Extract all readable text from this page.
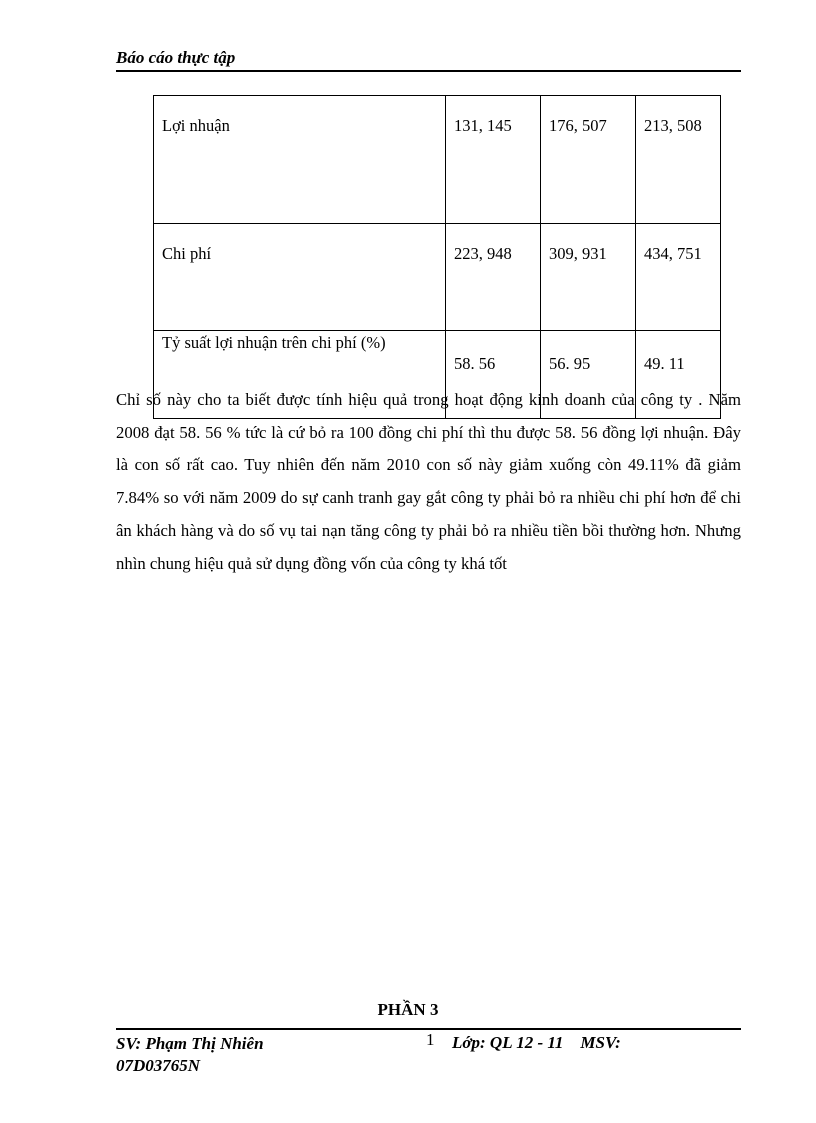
Báo cáo thực tập
Lợi nhuận	131, 145	176, 507	213, 508
Chi phí	223, 948	309, 931	434, 751
Tỷ suất lợi nhuận trên chi phí (%)	58. 56	56. 95	49. 11

Chỉ số này cho ta biết được tính hiệu quả trong hoạt động kinh doanh của công ty . Năm 2008 đạt 58. 56 % tức là cứ bỏ ra 100 đồng chi phí thì thu được 58. 56 đồng lợi nhuận. Đây là con số rất cao. Tuy nhiên đến năm 2010 con số này giảm xuống còn 49.11% đã giảm 7.84% so với năm 2009 do sự canh tranh gay gắt công ty phải bỏ ra nhiều chi phí hơn để chi ân khách hàng và do số vụ tai nạn tăng công ty phải bỏ ra nhiều tiền bồi thường hơn. Nhưng nhìn chung hiệu quả sử dụng đồng vốn của công ty khá tốt

PHẦN 3
SV: Phạm Thị Nhiên
07D03765N
1 Lớp: QL 12 - 11    MSV:
